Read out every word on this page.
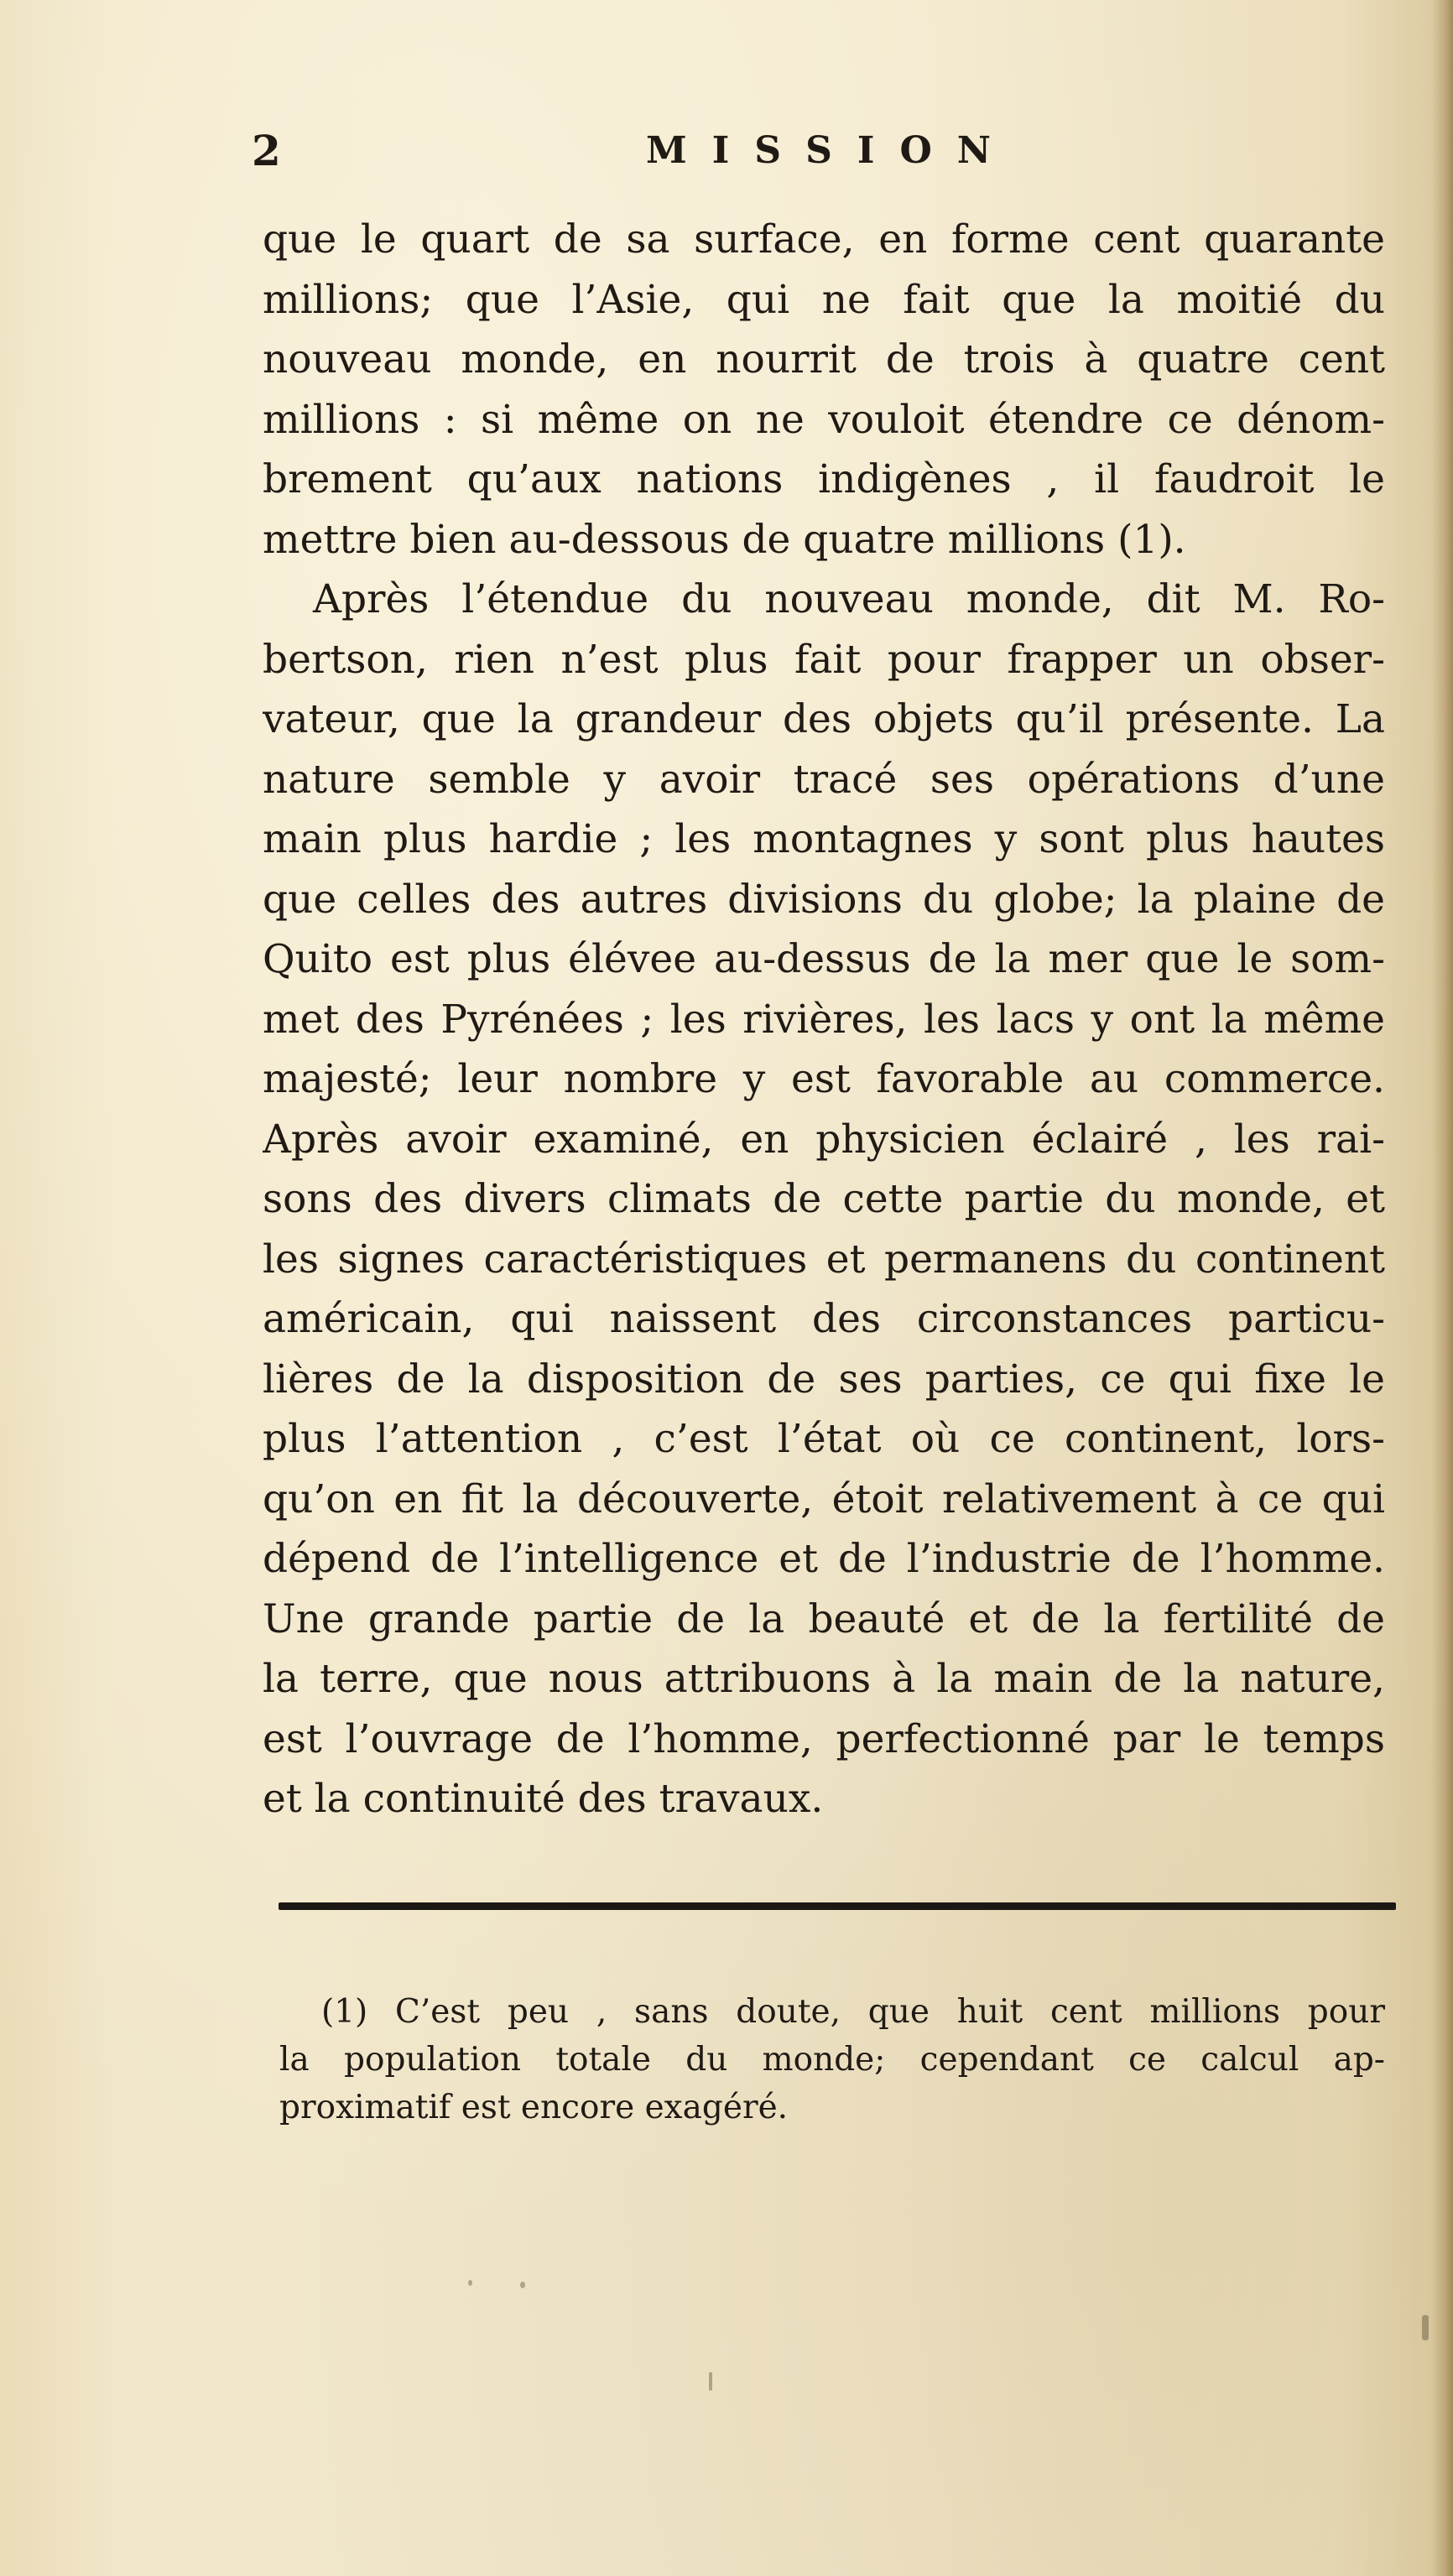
2	MISSION
que le quart de sa surface, en forme cent quarante
millions; que l’Asie, qui ne fait que la moitié du
nouveau monde, en nourrit de trois à quatre cent
millions : si même on ne vouloit étendre ce dénom-
brement qu’aux nations indigènes , il faudroit le
mettre bien au-dessous de quatre millions (1).
Après l’étendue du nouveau monde, dit M. Ro-
bertson, rien n’est plus fait pour frapper un obser-
vateur, que la grandeur des objets qu’il présente. La
nature semble y avoir tracé ses opérations d’une
main plus hardie ; les montagnes y sont plus hautes
que celles des autres divisions du globe; la plaine de
Quito est plus élévee au-dessus de la mer que le som-
met des Pyrénées ; les rivières, les lacs y ont la même
majesté; leur nombre y est favorable au commerce.
Après avoir examiné, en physicien éclairé , les rai-
sons des divers climats de cette partie du monde, et
les signes caractéristiques et permanens du continent
américain, qui naissent des circonstances particu-
lières de la disposition de ses parties, ce qui fixe le
plus l’attention , c’est l’état où ce continent, lors-
qu’on en fit la découverte, étoit relativement à ce qui
dépend de l’intelligence et de l’industrie de l’homme.
Une grande partie de la beauté et de la fertilité de
la terre, que nous attribuons à la main de la nature,
est l’ouvrage de l’homme, perfectionné par le temps
et la continuité des travaux.
(1) C’est peu , sans doute, que huit cent millions pour
la population totale du monde; cependant ce calcul ap-
proximatif est encore exagéré.
